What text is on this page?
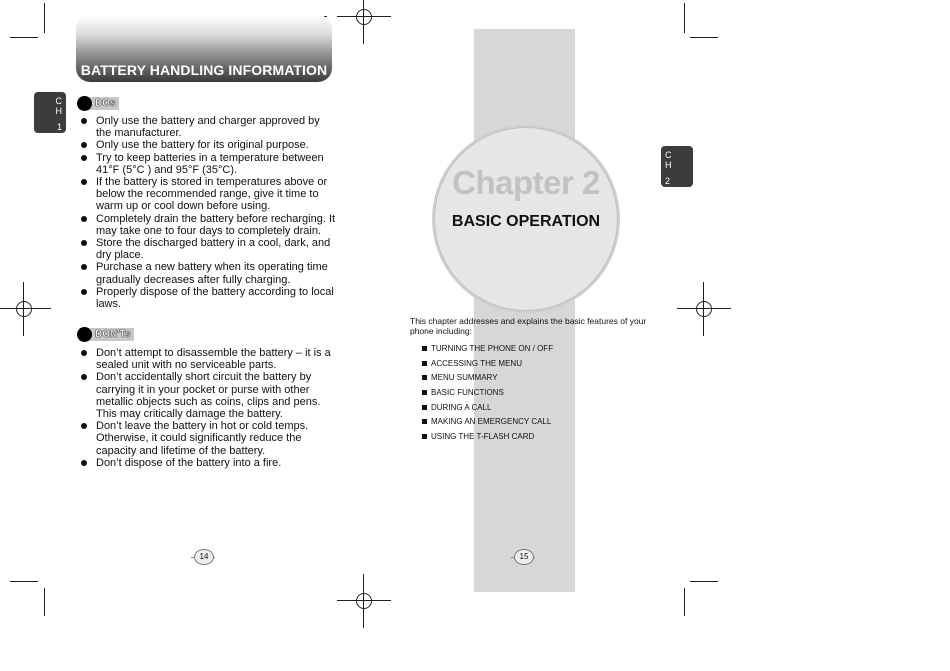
BATTERY HANDLING INFORMATION
C
H
1
DOs
Only use the battery and charger approved by the manufacturer.
Only use the battery for its original purpose.
Try to keep batteries in a temperature between 41°F (5°C ) and 95°F (35°C).
If the battery is stored in temperatures above or below the recommended range, give it time to warm up or cool down before using.
Completely drain the battery before recharging. It may take one to four days to completely drain.
Store the discharged battery in a cool, dark, and dry place.
Purchase a new battery when its operating time gradually decreases after fully charging.
Properly dispose of the battery according to local laws.
DON'Ts
Don’t attempt to disassemble the battery – it is a sealed unit with no serviceable parts.
Don’t accidentally short circuit the battery by carrying it in your pocket or purse with other metallic objects such as coins, clips and pens. This may critically damage the battery.
Don’t leave the battery in hot or cold temps. Otherwise, it could significantly reduce the capacity and lifetime of the battery.
Don’t dispose of the battery into a fire.
14
Chapter 2
BASIC OPERATION
C
H
2
This chapter addresses and explains the basic features of your phone including:
TURNING THE PHONE ON / OFF
ACCESSING THE MENU
MENU SUMMARY
BASIC FUNCTIONS
DURING A CALL
MAKING AN EMERGENCY CALL
USING THE T-FLASH CARD
15
